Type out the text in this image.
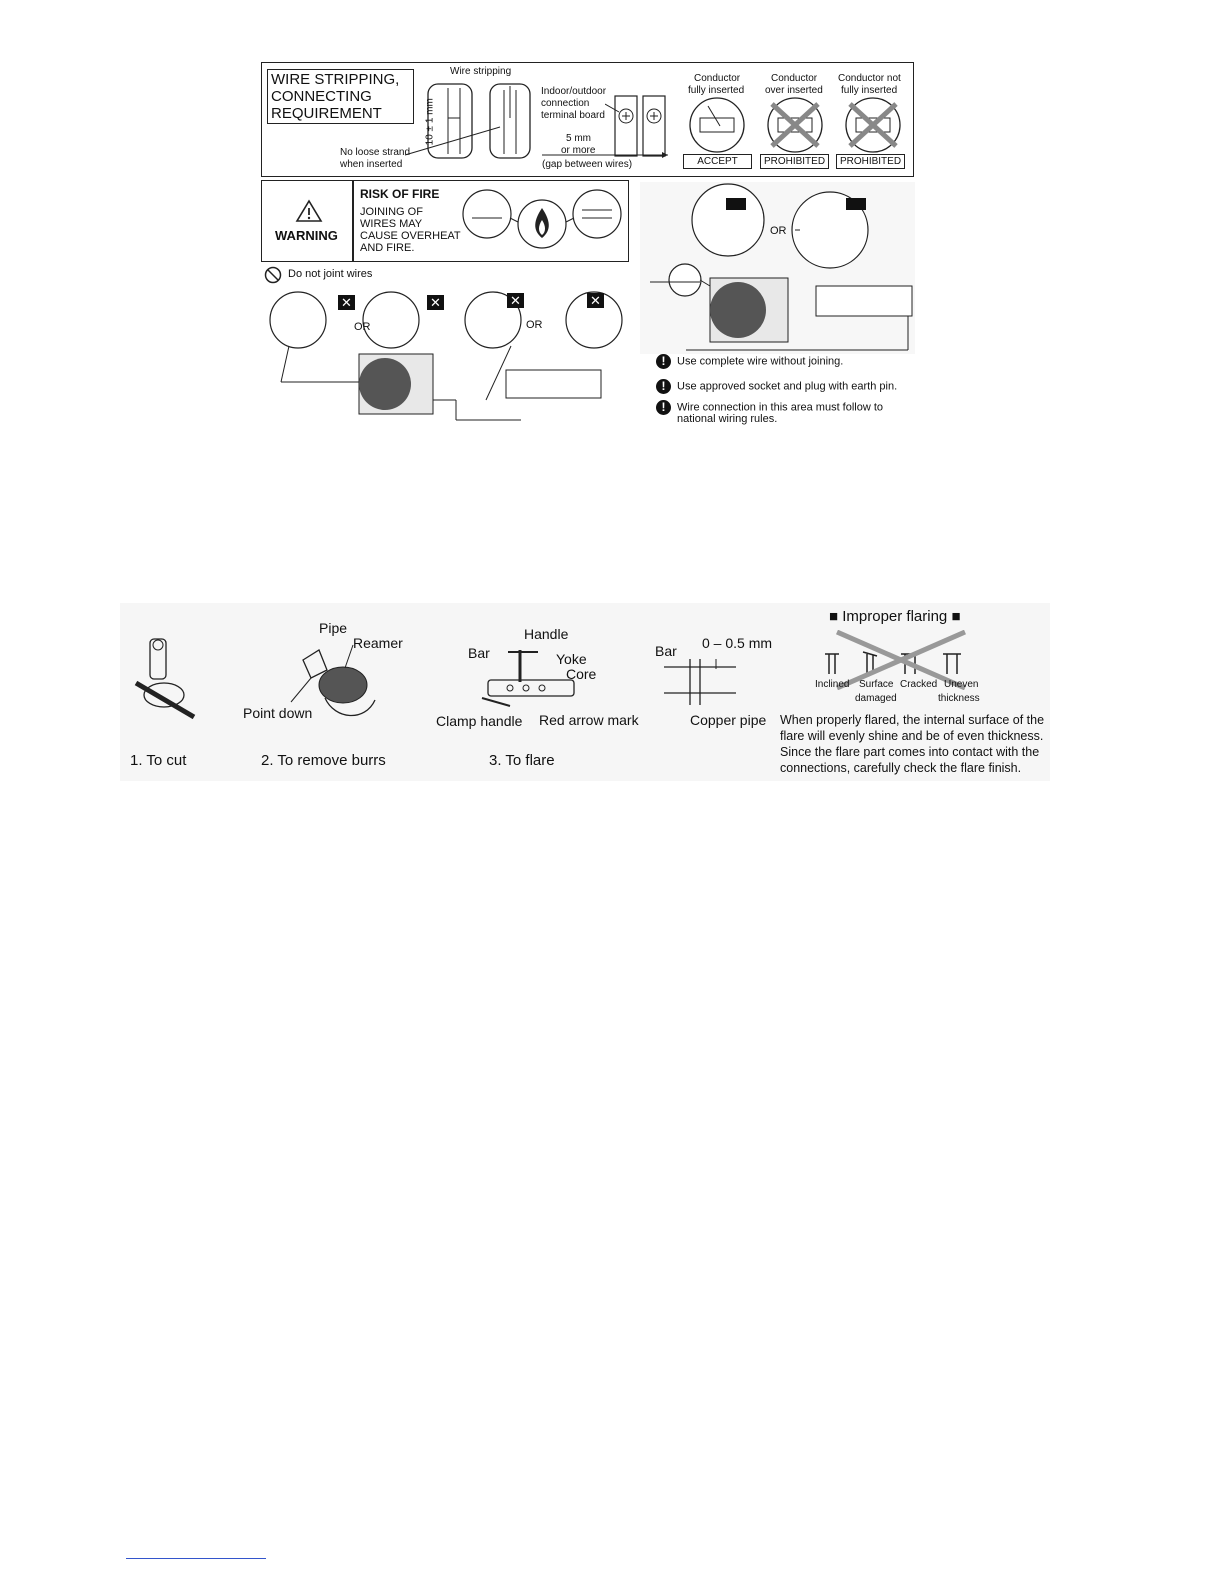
WIRE STRIPPING,
CONNECTING
REQUIREMENT
Wire stripping
10 ± 1 mm
No loose strand
when inserted
Indoor/outdoor
connection
terminal board
5 mm
or more
(gap between wires)
Conductor
fully inserted
Conductor
over inserted
Conductor not
fully inserted
ACCEPT	PROHIBITED	PROHIBITED
WARNING
RISK OF FIRE
JOINING OF
WIRES MAY
CAUSE OVERHEAT
AND FIRE.
Do not joint wires
✕	✕	✕	✕
OR	OR
OR
! Use complete wire without joining.
! Use approved socket and plug with earth pin.
! Wire connection in this area must follow to
national wiring rules.
Pipe
Reamer
Point down
Handle
Bar	Yoke
Core
Clamp handle Red arrow mark
Bar 0 – 0.5 mm
Copper pipe
■ Improper flaring ■
Inclined Surface
damaged
Cracked Uneven
thickness
When properly flared, the internal surface of the
flare will evenly shine and be of even thickness.
Since the flare part comes into contact with the
connections, carefully check the flare finish.
1. To cut	2. To remove burrs	3. To flare
